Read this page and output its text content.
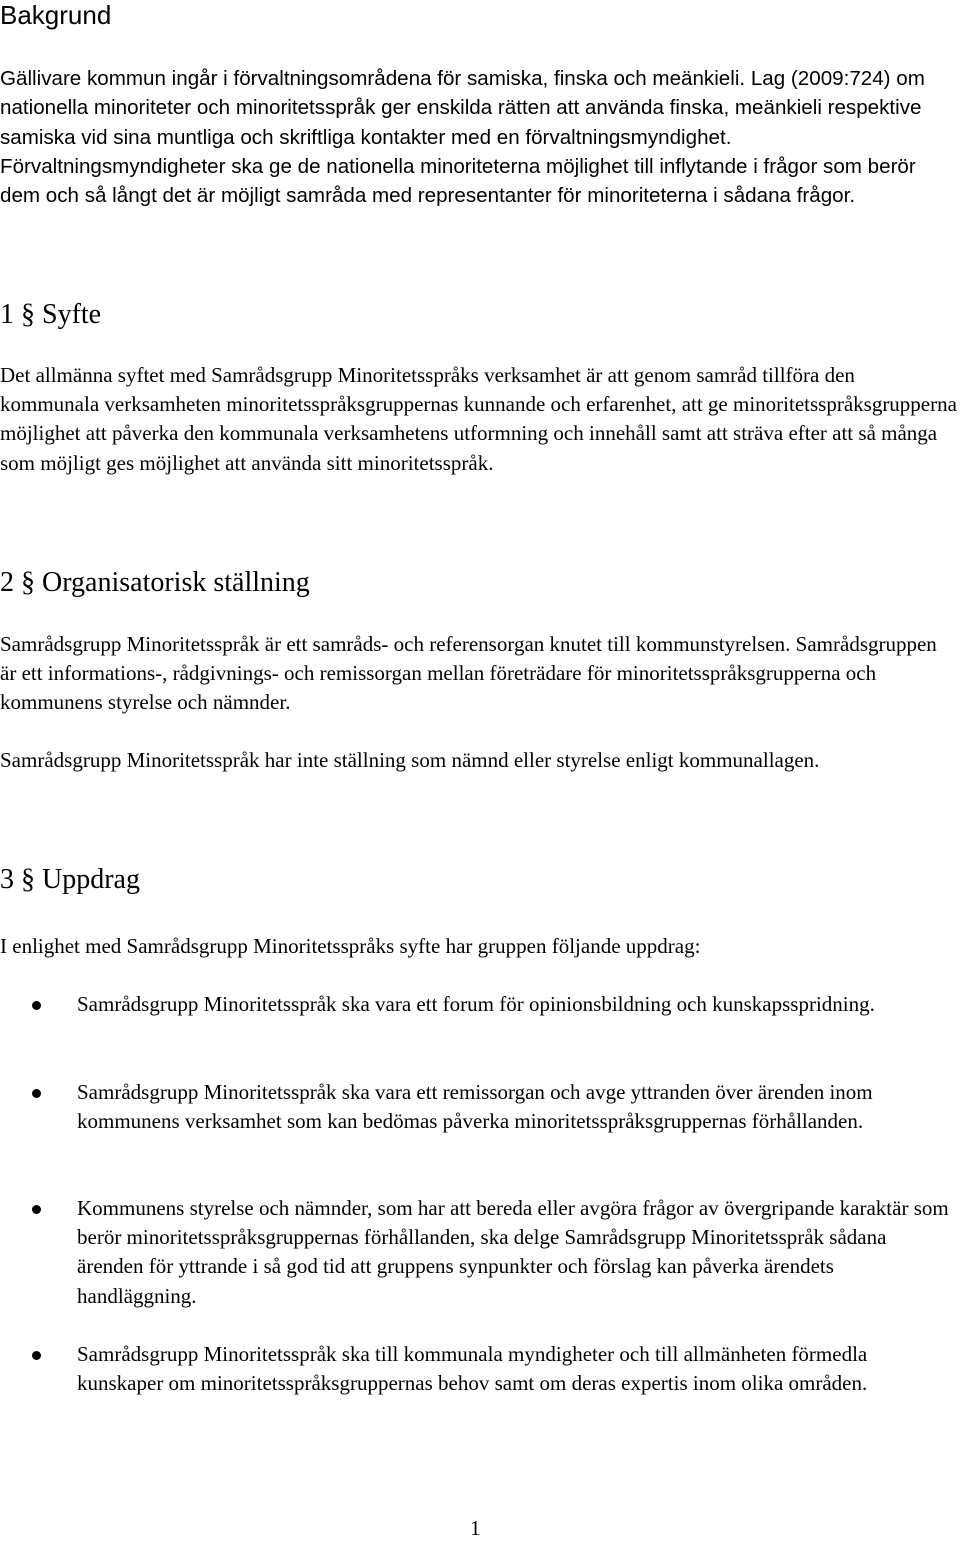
Bakgrund

Gällivare kommun ingår i förvaltningsområdena för samiska, finska och meänkieli. Lag (2009:724) om nationella minoriteter och minoritetsspråk ger enskilda rätten att använda finska, meänkieli respektive samiska vid sina muntliga och skriftliga kontakter med en förvaltningsmyndighet. Förvaltningsmyndigheter ska ge de nationella minoriteterna möjlighet till inflytande i frågor som berör dem och så långt det är möjligt samråda med representanter för minoriteterna i sådana frågor.

1 § Syfte

Det allmänna syftet med Samrådsgrupp Minoritetsspråks verksamhet är att genom samråd tillföra den kommunala verksamheten minoritetsspråksgruppernas kunnande och erfarenhet, att ge minoritetsspråksgrupperna möjlighet att påverka den kommunala verksamhetens utformning och innehåll samt att sträva efter att så många som möjligt ges möjlighet att använda sitt minoritetsspråk.

2 § Organisatorisk ställning

Samrådsgrupp Minoritetsspråk är ett samråds- och referensorgan knutet till kommunstyrelsen. Samrådsgruppen är ett informations-, rådgivnings- och remissorgan mellan företrädare för minoritetsspråksgrupperna och kommunens styrelse och nämnder.

Samrådsgrupp Minoritetsspråk har inte ställning som nämnd eller styrelse enligt kommunallagen.

3 § Uppdrag

I enlighet med Samrådsgrupp Minoritetsspråks syfte har gruppen följande uppdrag:

Samrådsgrupp Minoritetsspråk ska vara ett forum för opinionsbildning och kunskapsspridning.
Samrådsgrupp Minoritetsspråk ska vara ett remissorgan och avge yttranden över ärenden inom kommunens verksamhet som kan bedömas påverka minoritetsspråksgruppernas förhållanden.
Kommunens styrelse och nämnder, som har att bereda eller avgöra frågor av övergripande karaktär som berör minoritetsspråksgruppernas förhållanden, ska delge Samrådsgrupp Minoritetsspråk sådana ärenden för yttrande i så god tid att gruppens synpunkter och förslag kan påverka ärendets handläggning.
Samrådsgrupp Minoritetsspråk ska till kommunala myndigheter och till allmänheten förmedla kunskaper om minoritetsspråksgruppernas behov samt om deras expertis inom olika områden.
1
